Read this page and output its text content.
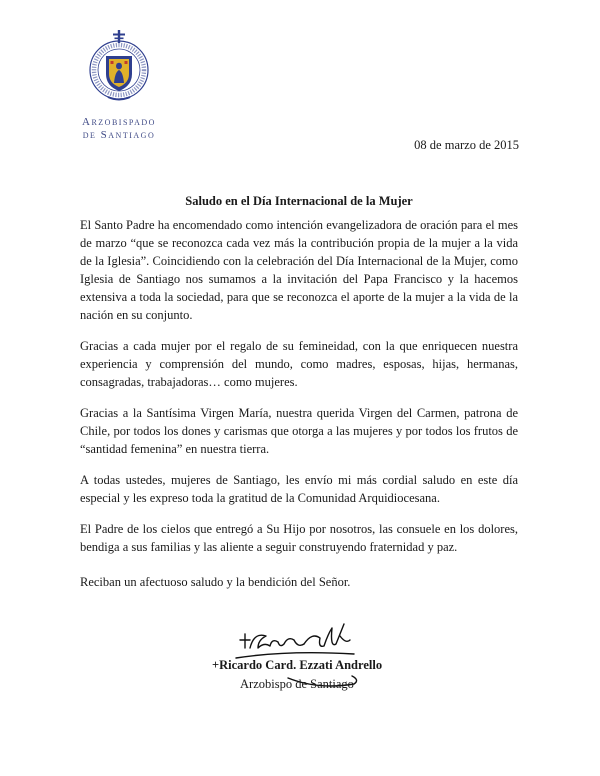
Arzobispado
de Santiago
08 de marzo de 2015
Saludo en el Día Internacional de la Mujer

El Santo Padre ha encomendado como intención evangelizadora de oración para el mes de marzo “que se reconozca cada vez más la contribución propia de la mujer a la vida de la Iglesia”. Coincidiendo con la celebración del Día Internacional de la Mujer, como Iglesia de Santiago nos sumamos a la invitación del Papa Francisco y la hacemos extensiva a toda la sociedad, para que se reconozca el aporte de la mujer a la vida de la nación en su conjunto.

Gracias a cada mujer por el regalo de su femineidad, con la que enriquecen nuestra experiencia y comprensión del mundo, como madres, esposas, hijas, hermanas, consagradas, trabajadoras… como mujeres.

Gracias a la Santísima Virgen María, nuestra querida Virgen del Carmen, patrona de Chile, por todos los dones y carismas que otorga a las mujeres y por todos los frutos de “santidad femenina” en nuestra tierra.

A todas ustedes, mujeres de Santiago, les envío mi más cordial saludo en este día especial y les expreso toda la gratitud de la Comunidad Arquidiocesana.

El Padre de los cielos que entregó a Su Hijo por nosotros, las consuele en los dolores, bendiga a sus familias y las aliente a seguir construyendo fraternidad y paz.

Reciban un afectuoso saludo y la bendición del Señor.
+Ricardo Card. Ezzati Andrello
Arzobispo de Santiago
